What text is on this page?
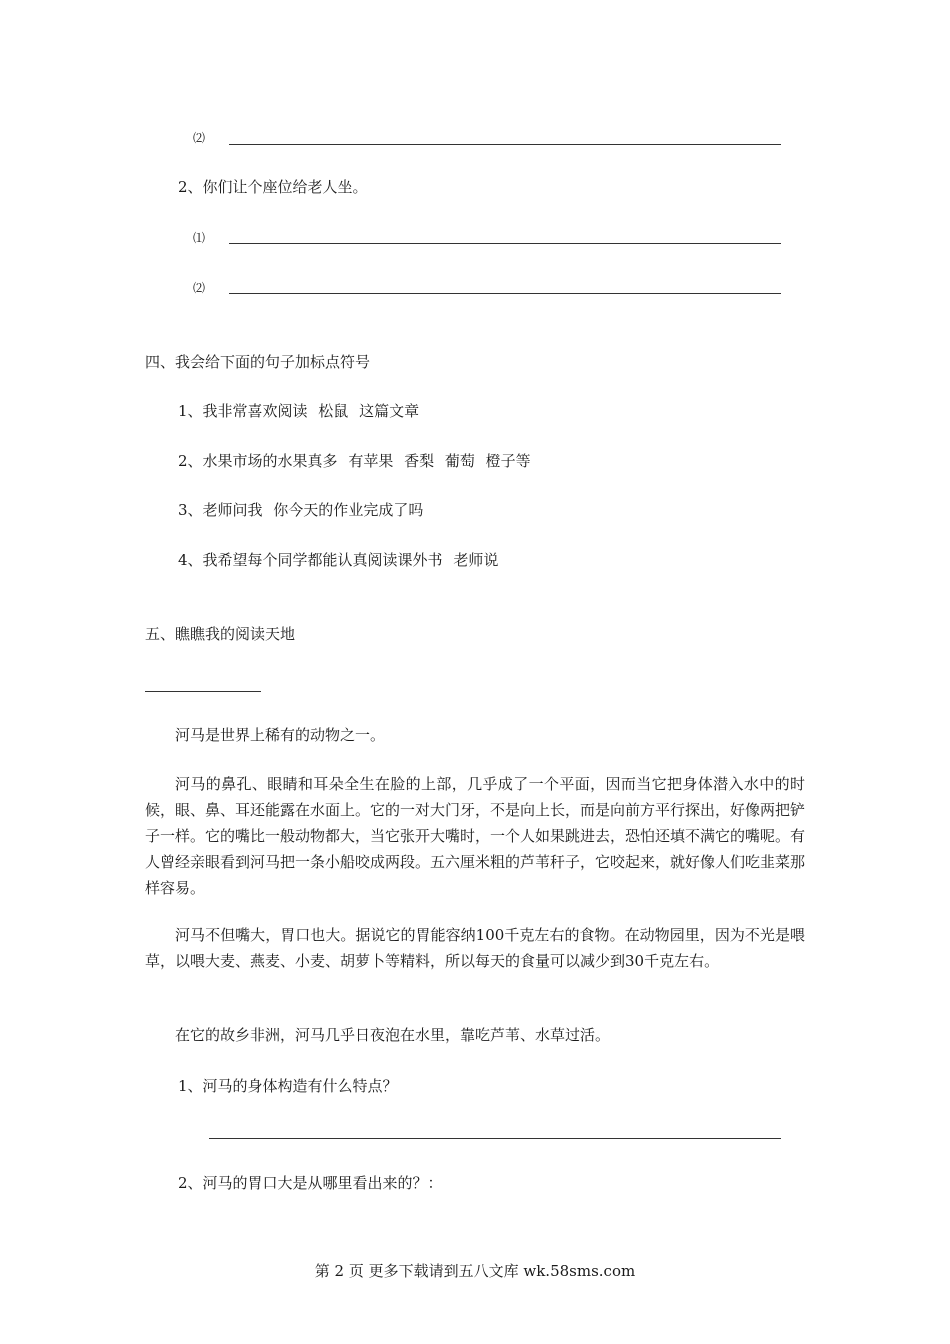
⑵

2、你们让个座位给老人坐。

⑴

⑵

四、我会给下面的句子加标点符号

1、我非常喜欢阅读 松鼠 这篇文章

2、水果市场的水果真多 有苹果 香梨 葡萄 橙子等

3、老师问我 你今天的作业完成了吗

4、我希望每个同学都能认真阅读课外书 老师说

五、瞧瞧我的阅读天地

河马是世界上稀有的动物之一。

河马的鼻孔、眼睛和耳朵全生在脸的上部，几乎成了一个平面，因而当它把身体潜入水中的时候，眼、鼻、耳还能露在水面上。它的一对大门牙，不是向上长，而是向前方平行探出，好像两把铲子一样。它的嘴比一般动物都大，当它张开大嘴时，一个人如果跳进去，恐怕还填不满它的嘴呢。有人曾经亲眼看到河马把一条小船咬成两段。五六厘米粗的芦苇秆子，它咬起来，就好像人们吃韭菜那样容易。

河马不但嘴大，胃口也大。据说它的胃能容纳100千克左右的食物。在动物园里，因为不光是喂草，以喂大麦、燕麦、小麦、胡萝卜等精料，所以每天的食量可以减少到30千克左右。

在它的故乡非洲，河马几乎日夜泡在水里，靠吃芦苇、水草过活。

1、河马的身体构造有什么特点？

2、河马的胃口大是从哪里看出来的？：

第 2 页 更多下载请到五八文库 wk.58sms.com
